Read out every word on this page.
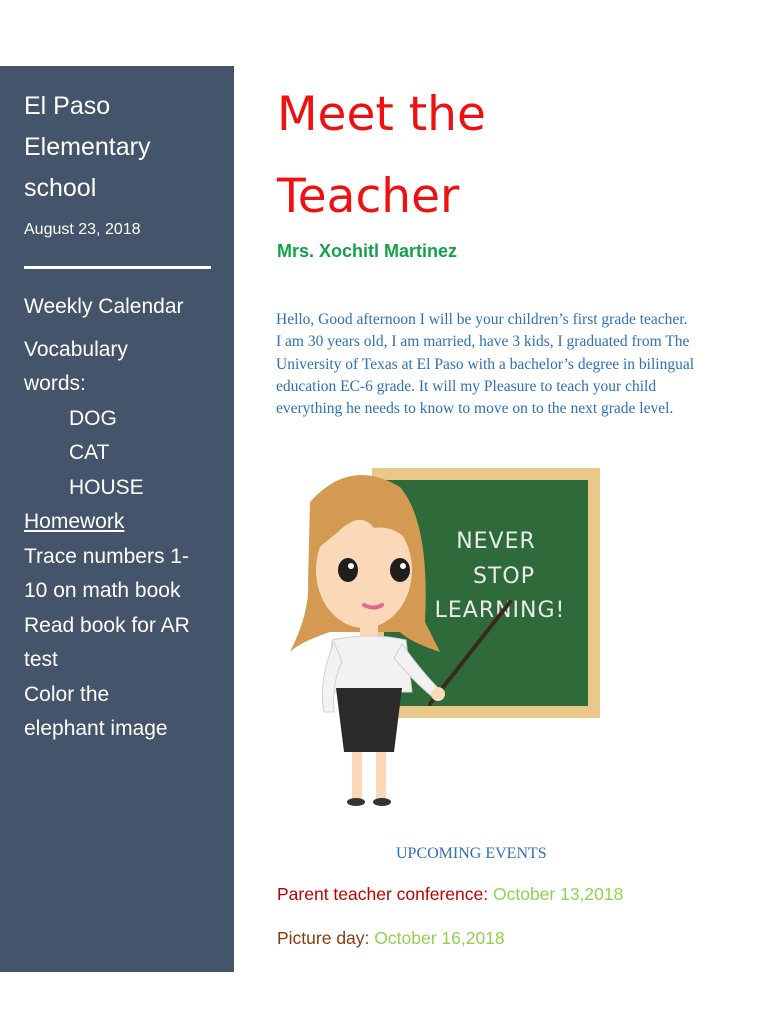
El Paso
Elementary
school
August 23, 2018
Weekly Calendar
Vocabulary
words:
DOG
CAT
HOUSE
Homework
Trace numbers 1-
10 on math book
Read book for AR
test
Color the
elephant image
Meet the
Teacher
Mrs. Xochitl Martinez

Hello, Good afternoon I will be your children’s first grade teacher. I am 30 years old, I am married, have 3 kids, I graduated from The University of Texas at El Paso with a bachelor’s degree in bilingual education EC-6 grade. It will my Pleasure to teach your child everything he needs to know to move on to the next grade level.

NEVER
STOP
LEARNING!
UPCOMING EVENTS
Parent teacher conference: October 13,2018
Picture day: October 16,2018
